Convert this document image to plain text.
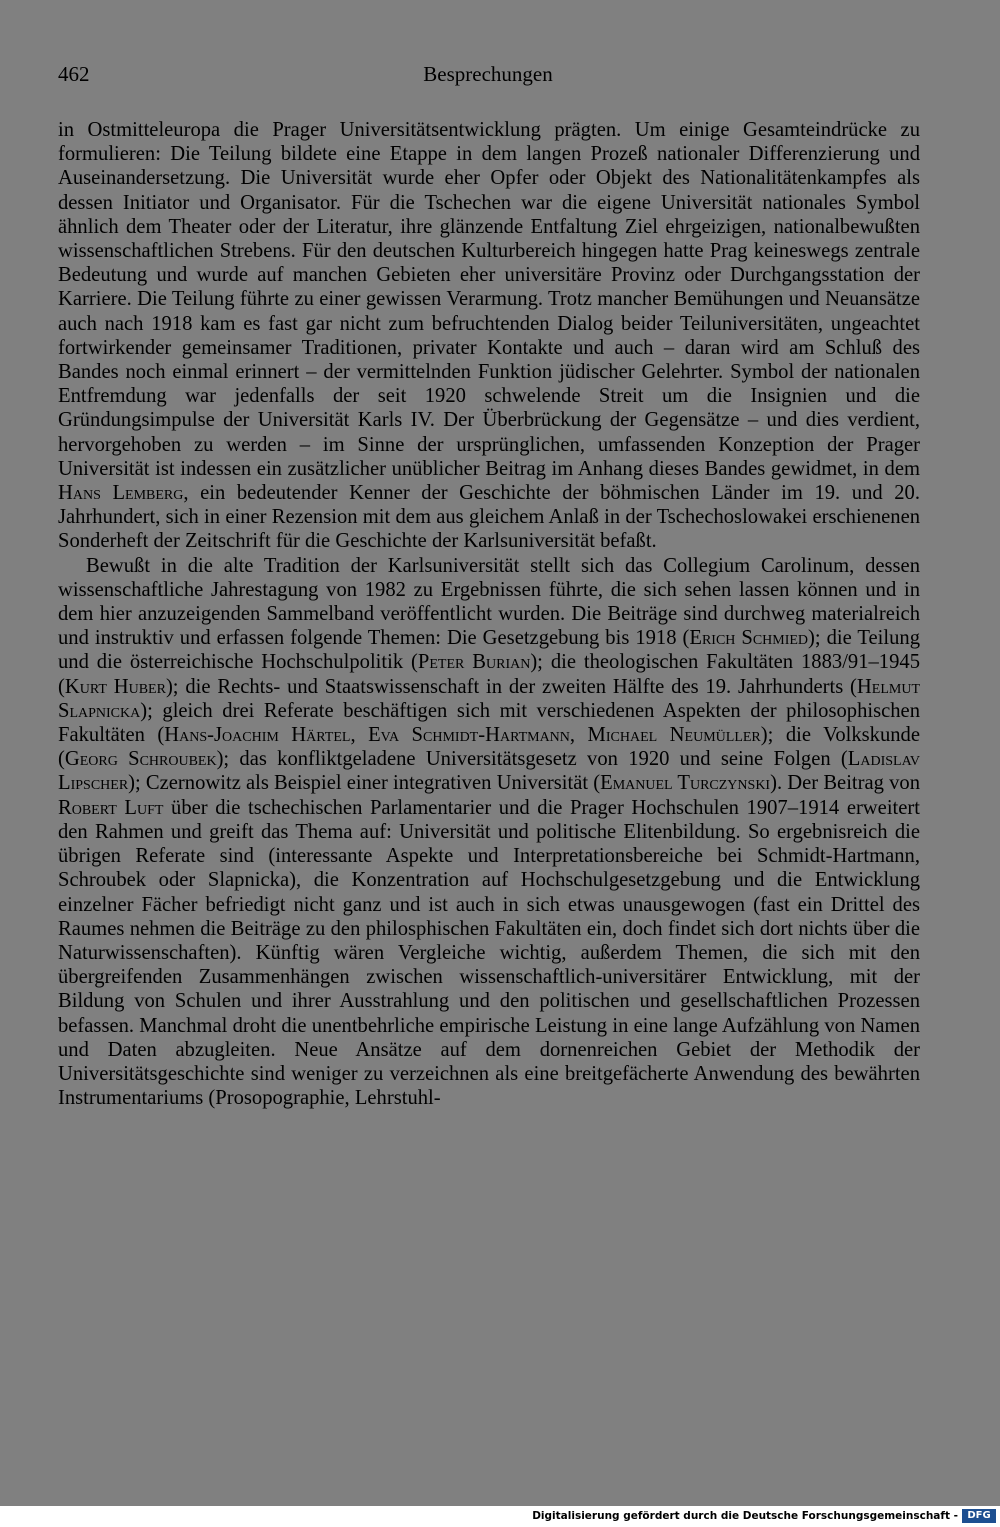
462	Besprechungen

in Ostmitteleuropa die Prager Universitätsentwicklung prägten. Um einige Gesamteindrücke zu formulieren: Die Teilung bildete eine Etappe in dem langen Prozeß nationaler Differenzierung und Auseinandersetzung. Die Universität wurde eher Opfer oder Objekt des Nationalitätenkampfes als dessen Initiator und Organisator. Für die Tschechen war die eigene Universität nationales Symbol ähnlich dem Theater oder der Literatur, ihre glänzende Entfaltung Ziel ehrgeizigen, nationalbewußten wissenschaftlichen Strebens. Für den deutschen Kulturbereich hingegen hatte Prag keineswegs zentrale Bedeutung und wurde auf manchen Gebieten eher universitäre Provinz oder Durchgangsstation der Karriere. Die Teilung führte zu einer gewissen Verarmung. Trotz mancher Bemühungen und Neuansätze auch nach 1918 kam es fast gar nicht zum befruchtenden Dialog beider Teiluniversitäten, ungeachtet fortwirkender gemeinsamer Traditionen, privater Kontakte und auch – daran wird am Schluß des Bandes noch einmal erinnert – der vermittelnden Funktion jüdischer Gelehrter. Symbol der nationalen Entfremdung war jedenfalls der seit 1920 schwelende Streit um die Insignien und die Gründungsimpulse der Universität Karls IV. Der Überbrückung der Gegensätze – und dies verdient, hervorgehoben zu werden – im Sinne der ursprünglichen, umfassenden Konzeption der Prager Universität ist indessen ein zusätzlicher unüblicher Beitrag im Anhang dieses Bandes gewidmet, in dem Hans Lemberg, ein bedeutender Kenner der Geschichte der böhmischen Länder im 19. und 20. Jahrhundert, sich in einer Rezension mit dem aus gleichem Anlaß in der Tschechoslowakei erschienenen Sonderheft der Zeitschrift für die Geschichte der Karlsuniversität befaßt.

Bewußt in die alte Tradition der Karlsuniversität stellt sich das Collegium Carolinum, dessen wissenschaftliche Jahrestagung von 1982 zu Ergebnissen führte, die sich sehen lassen können und in dem hier anzuzeigenden Sammelband veröffentlicht wurden. Die Beiträge sind durchweg materialreich und instruktiv und erfassen folgende Themen: Die Gesetzgebung bis 1918 (Erich Schmied); die Teilung und die österreichische Hochschulpolitik (Peter Burian); die theologischen Fakultäten 1883/91–1945 (Kurt Huber); die Rechts- und Staatswissenschaft in der zweiten Hälfte des 19. Jahrhunderts (Helmut Slapnicka); gleich drei Referate beschäftigen sich mit verschiedenen Aspekten der philosophischen Fakultäten (Hans-Joachim Härtel, Eva Schmidt-Hartmann, Michael Neumüller); die Volkskunde (Georg Schroubek); das konfliktgeladene Universitätsgesetz von 1920 und seine Folgen (Ladislav Lipscher); Czernowitz als Beispiel einer integrativen Universität (Emanuel Turczynski). Der Beitrag von Robert Luft über die tschechischen Parlamentarier und die Prager Hochschulen 1907–1914 erweitert den Rahmen und greift das Thema auf: Universität und politische Elitenbildung. So ergebnisreich die übrigen Referate sind (interessante Aspekte und Interpretationsbereiche bei Schmidt-Hartmann, Schroubek oder Slapnicka), die Konzentration auf Hochschulgesetzgebung und die Entwicklung einzelner Fächer befriedigt nicht ganz und ist auch in sich etwas unausgewogen (fast ein Drittel des Raumes nehmen die Beiträge zu den philosphischen Fakultäten ein, doch findet sich dort nichts über die Naturwissenschaften). Künftig wären Vergleiche wichtig, außerdem Themen, die sich mit den übergreifenden Zusammenhängen zwischen wissenschaftlich-universitärer Entwicklung, mit der Bildung von Schulen und ihrer Ausstrahlung und den politischen und gesellschaftlichen Prozessen befassen. Manchmal droht die unentbehrliche empirische Leistung in eine lange Aufzählung von Namen und Daten abzugleiten. Neue Ansätze auf dem dornenreichen Gebiet der Methodik der Universitätsgeschichte sind weniger zu verzeichnen als eine breitgefächerte Anwendung des bewährten Instrumentariums (Prosopographie, Lehrstuhl-

Digitalisierung gefördert durch die Deutsche Forschungsgemeinschaft - DFG
